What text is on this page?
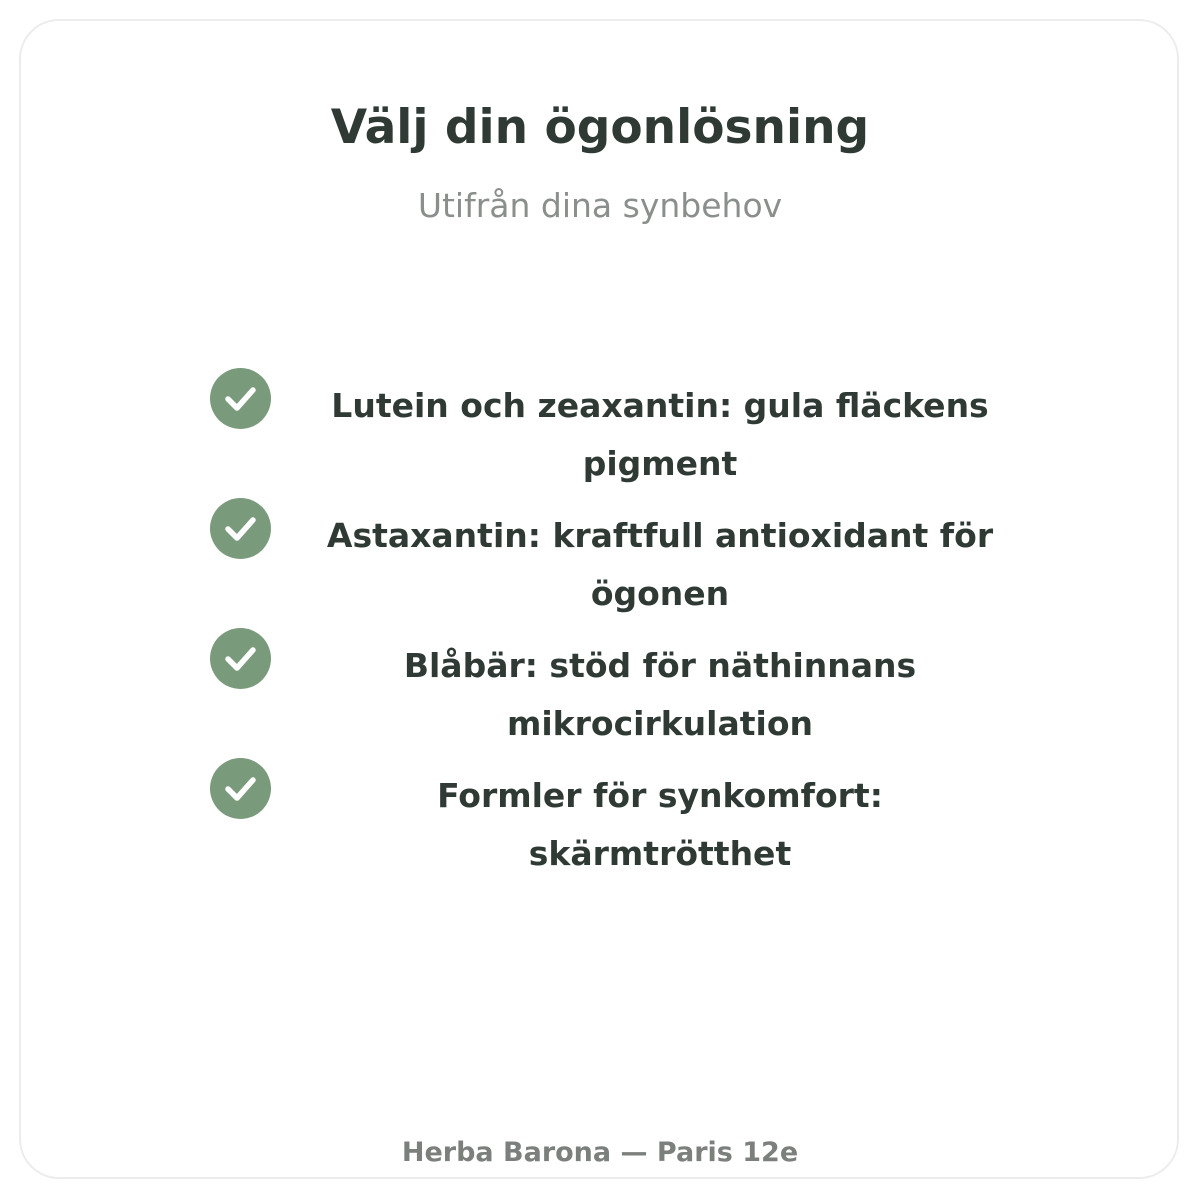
Välj din ögonlösning

Utifrån dina synbehov

Lutein och zeaxantin: gula fläckens pigment
Astaxantin: kraftfull antioxidant för ögonen
Blåbär: stöd för näthinnans mikrocirkulation
Formler för synkomfort: skärmtrötthet

Herba Barona — Paris 12e
